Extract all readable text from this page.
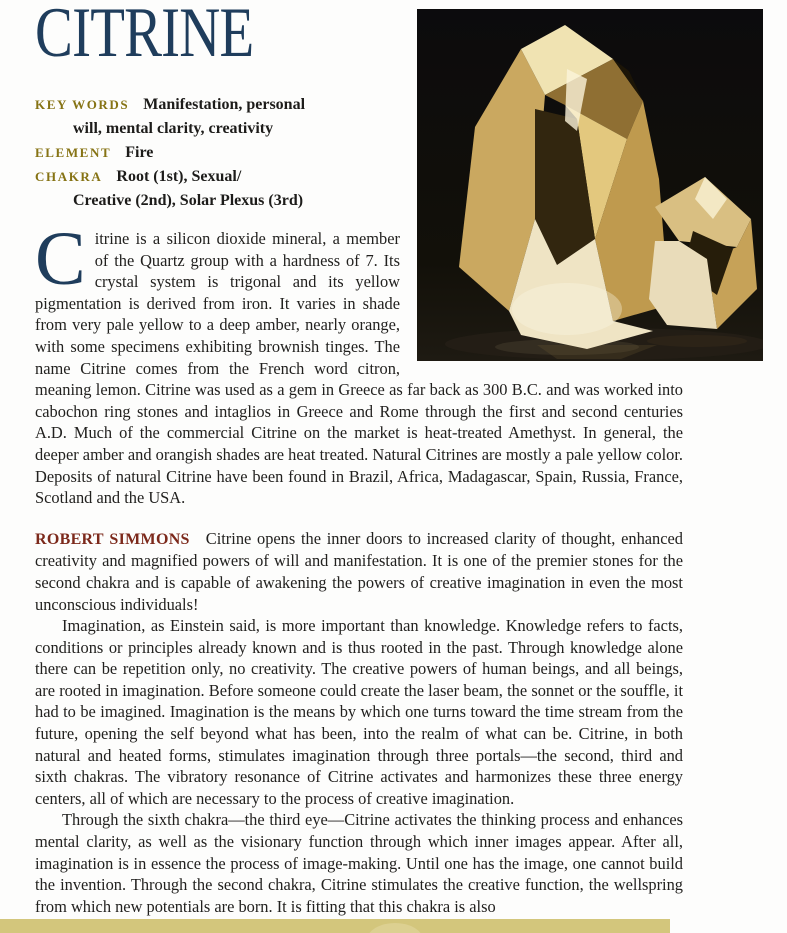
CITRINE
KEY WORDS Manifestation, personal
will, mental clarity, creativity
ELEMENT Fire
CHAKRA Root (1st), Sexual/
Creative (2nd), Solar Plexus (3rd)

Citrine is a silicon dioxide mineral, a member of the Quartz group with a hardness of 7. Its crystal system is trigonal and its yellow pigmentation is derived from iron. It varies in shade from very pale yellow to a deep amber, nearly orange, with some specimens exhibiting brownish tinges. The name Citrine comes from the French word citron, meaning lemon. Citrine was used as a gem in Greece as far back as 300 B.C. and was worked into cabochon ring stones and intaglios in Greece and Rome through the first and second centuries A.D. Much of the commercial Citrine on the market is heat-treated Amethyst. In general, the deeper amber and orangish shades are heat treated. Natural Citrines are mostly a pale yellow color. Deposits of natural Citrine have been found in Brazil, Africa, Madagascar, Spain, Russia, France, Scotland and the USA.

ROBERT SIMMONS Citrine opens the inner doors to increased clarity of thought, enhanced creativity and magnified powers of will and manifestation. It is one of the premier stones for the second chakra and is capable of awakening the powers of creative imagination in even the most unconscious individuals!

Imagination, as Einstein said, is more important than knowledge. Knowledge refers to facts, conditions or principles already known and is thus rooted in the past. Through knowledge alone there can be repetition only, no creativity. The creative powers of human beings, and all beings, are rooted in imagination. Before someone could create the laser beam, the sonnet or the souffle, it had to be imagined. Imagination is the means by which one turns toward the time stream from the future, opening the self beyond what has been, into the realm of what can be. Citrine, in both natural and heated forms, stimulates imagination through three portals—the second, third and sixth chakras. The vibratory resonance of Citrine activates and harmonizes these three energy centers, all of which are necessary to the process of creative imagination.

Through the sixth chakra—the third eye—Citrine activates the thinking process and enhances mental clarity, as well as the visionary function through which inner images appear. After all, imagination is in essence the process of image-making. Until one has the image, one cannot build the invention. Through the second chakra, Citrine stimulates the creative function, the wellspring from which new potentials are born. It is fitting that this chakra is also
